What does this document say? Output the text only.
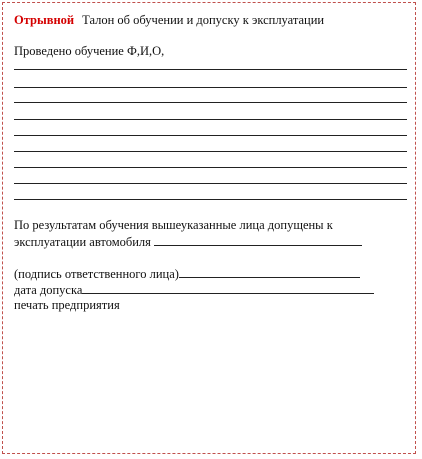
Отрывной Талон об обучении и допуску к эксплуатации
Проведено обучение Ф,И,О,
По результатам обучения вышеуказанные лица допущены к
эксплуатации автомобиля
(подпись ответственного лица)
дата допуска
печать предприятия
